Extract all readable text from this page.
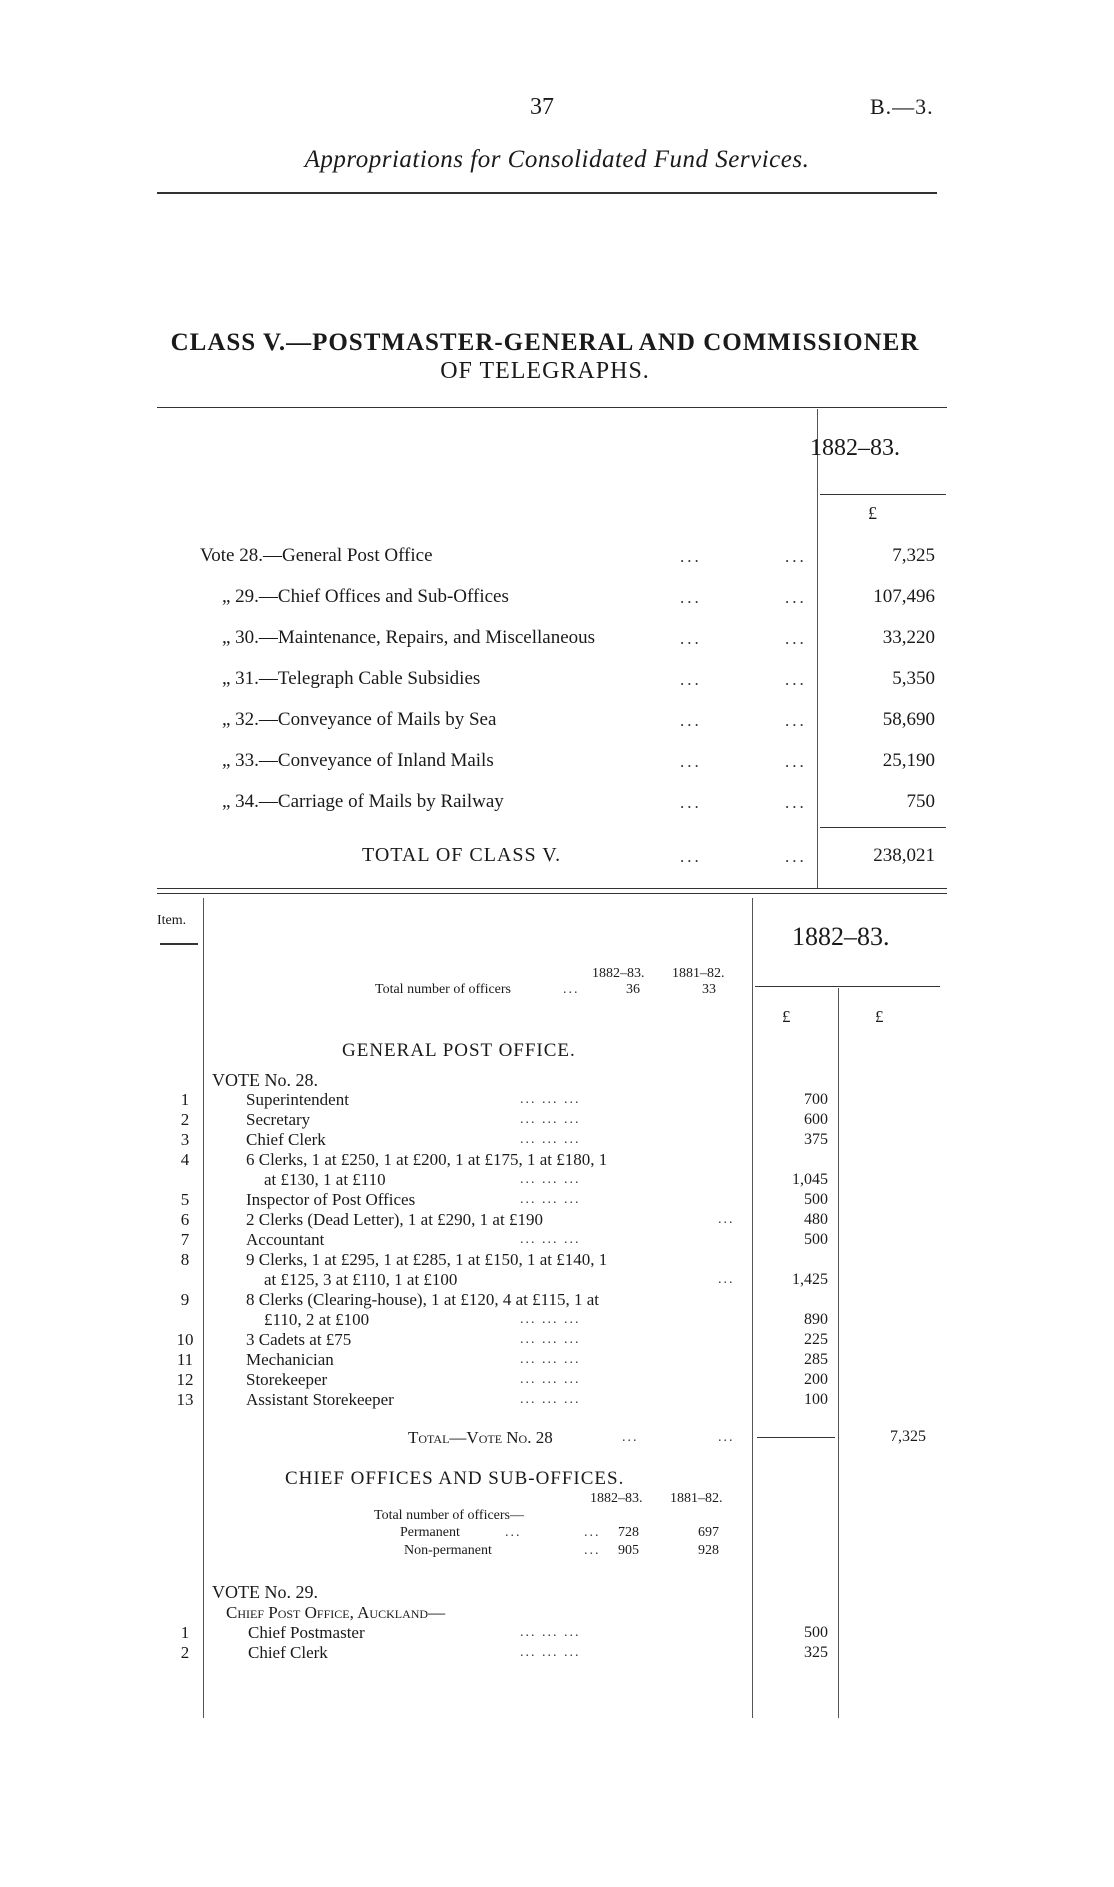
37	B.—3.
Appropriations for Consolidated Fund Services.
CLASS V.—POSTMASTER-GENERAL AND COMMISSIONER
OF TELEGRAPHS.
1882–83.
£
Vote 28.—General Post Office	...	...	7,325
„ 29.—Chief Offices and Sub-Offices	...	...	107,496
„ 30.—Maintenance, Repairs, and Miscellaneous	...	...	33,220
„ 31.—Telegraph Cable Subsidies	...	...	5,350
„ 32.—Conveyance of Mails by Sea	...	...	58,690
„ 33.—Conveyance of Inland Mails	...	...	25,190
„ 34.—Carriage of Mails by Railway	...	...	750
TOTAL OF CLASS V.	...	...	238,021
Item.
1882–83.
£	£
1882–83. 1881–82.
Total number of officers	...	36	33
GENERAL POST OFFICE.
VOTE No. 28.
1	Superintendent	... ... ...	700
2	Secretary	... ... ...	600
3	Chief Clerk	... ... ...	375
4	6 Clerks, 1 at £250, 1 at £200, 1 at £175, 1 at £180, 1
at £130, 1 at £110	... ... ...	1,045
5	Inspector of Post Offices	... ... ...	500
6	2 Clerks (Dead Letter), 1 at £290, 1 at £190	...	480
7	Accountant	... ... ...	500
8	9 Clerks, 1 at £295, 1 at £285, 1 at £150, 1 at £140, 1
at £125, 3 at £110, 1 at £100	...	1,425
9	8 Clerks (Clearing-house), 1 at £120, 4 at £115, 1 at
£110, 2 at £100	... ... ...	890
10	3 Cadets at £75	... ... ...	225
11	Mechanician	... ... ...	285
12	Storekeeper	... ... ...	200
13	Assistant Storekeeper	... ... ...	100
Total—Vote No. 28	...	...	7,325
CHIEF OFFICES AND SUB-OFFICES.
1882–83. 1881–82.
Total number of officers—
Permanent	...	... 728	697
Non-permanent	... 905	928
VOTE No. 29.
Chief Post Office, Auckland—
1	Chief Postmaster	... ... ...	500
2	Chief Clerk	... ... ...	325
